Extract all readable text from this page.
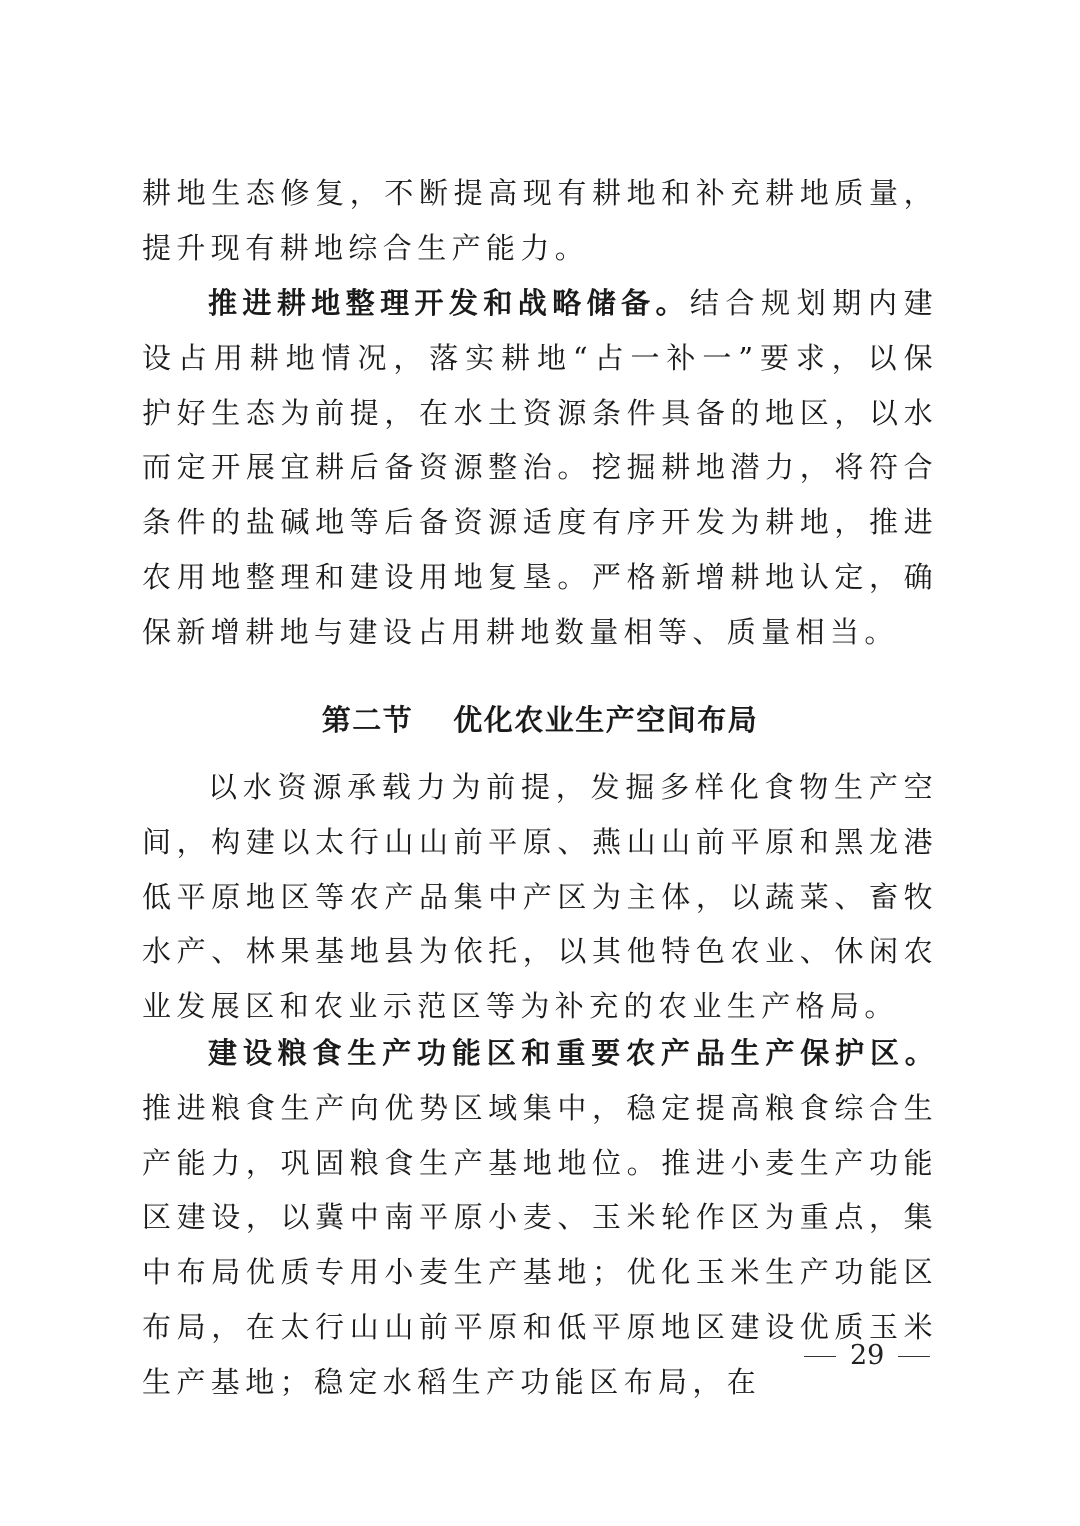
耕地生态修复，不断提高现有耕地和补充耕地质量，提升现有耕地综合生产能力。

推进耕地整理开发和战略储备。结合规划期内建设占用耕地情况，落实耕地“占一补一”要求，以保护好生态为前提，在水土资源条件具备的地区，以水而定开展宜耕后备资源整治。挖掘耕地潜力，将符合条件的盐碱地等后备资源适度有序开发为耕地，推进农用地整理和建设用地复垦。严格新增耕地认定，确保新增耕地与建设占用耕地数量相等、质量相当。

第二节 优化农业生产空间布局

以水资源承载力为前提，发掘多样化食物生产空间，构建以太行山山前平原、燕山山前平原和黑龙港低平原地区等农产品集中产区为主体，以蔬菜、畜牧水产、林果基地县为依托，以其他特色农业、休闲农业发展区和农业示范区等为补充的农业生产格局。

建设粮食生产功能区和重要农产品生产保护区。推进粮食生产向优势区域集中，稳定提高粮食综合生产能力，巩固粮食生产基地地位。推进小麦生产功能区建设，以冀中南平原小麦、玉米轮作区为重点，集中布局优质专用小麦生产基地；优化玉米生产功能区布局，在太行山山前平原和低平原地区建设优质玉米生产基地；稳定水稻生产功能区布局，在

29
